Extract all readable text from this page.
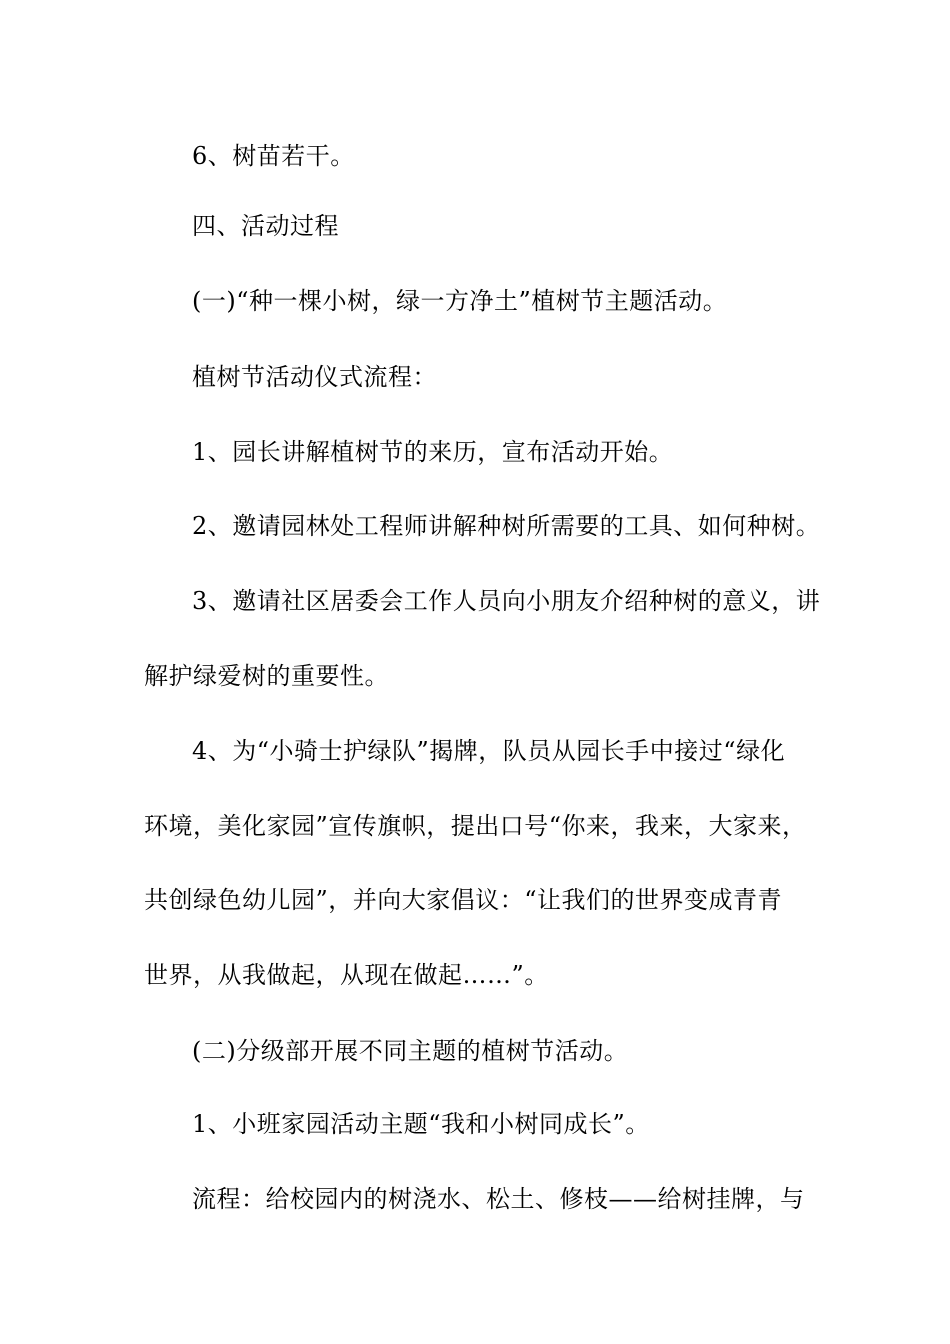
6、树苗若干。
四、活动过程
(一)“种一棵小树，绿一方净土”植树节主题活动。
植树节活动仪式流程：
1、园长讲解植树节的来历，宣布活动开始。
2、邀请园林处工程师讲解种树所需要的工具、如何种树。
3、邀请社区居委会工作人员向小朋友介绍种树的意义，讲
解护绿爱树的重要性。
4、为“小骑士护绿队”揭牌，队员从园长手中接过“绿化
环境，美化家园”宣传旗帜，提出口号“你来，我来，大家来，
共创绿色幼儿园”，并向大家倡议：“让我们的世界变成青青
世界，从我做起，从现在做起……”。
(二)分级部开展不同主题的植树节活动。
1、小班家园活动主题“我和小树同成长”。
流程：给校园内的树浇水、松土、修枝——给树挂牌，与
